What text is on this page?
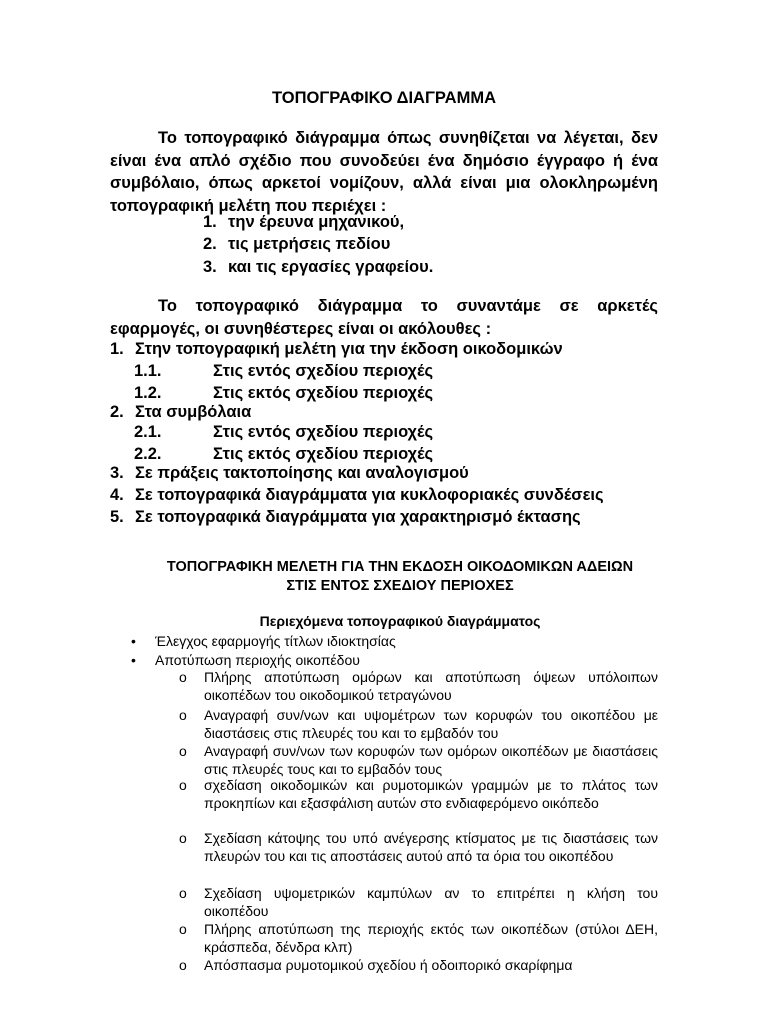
ΤΟΠΟΓΡΑΦΙΚΟ ΔΙΑΓΡΑΜΜΑ
Το τοπογραφικό διάγραμμα όπως συνηθίζεται να λέγεται, δεν είναι ένα απλό σχέδιο που συνοδεύει ένα δημόσιο έγγραφο ή ένα συμβόλαιο, όπως αρκετοί νομίζουν, αλλά είναι μια ολοκληρωμένη τοπογραφική μελέτη που περιέχει :
1. την έρευνα μηχανικού,
2. τις μετρήσεις πεδίου
3. και τις εργασίες γραφείου.
Το τοπογραφικό διάγραμμα το συναντάμε σε αρκετές εφαρμογές, οι συνηθέστερες είναι οι ακόλουθες :
1. Στην τοπογραφική μελέτη για την έκδοση οικοδομικών
1.1.	Στις εντός σχεδίου περιοχές
1.2.	Στις εκτός σχεδίου περιοχές
2. Στα συμβόλαια
2.1.	Στις εντός σχεδίου περιοχές
2.2.	Στις εκτός σχεδίου περιοχές
3. Σε πράξεις τακτοποίησης και αναλογισμού
4. Σε τοπογραφικά διαγράμματα για κυκλοφοριακές συνδέσεις
5. Σε τοπογραφικά διαγράμματα για χαρακτηρισμό έκτασης
ΤΟΠΟΓΡΑΦΙΚΗ ΜΕΛΕΤΗ ΓΙΑ ΤΗΝ ΕΚΔΟΣΗ ΟΙΚΟΔΟΜΙΚΩΝ ΑΔΕΙΩΝ
ΣΤΙΣ ΕΝΤΟΣ ΣΧΕΔΙΟΥ ΠΕΡΙΟΧΕΣ
Περιεχόμενα τοπογραφικού διαγράμματος
• Έλεγχος εφαρμογής τίτλων ιδιοκτησίας
• Αποτύπωση περιοχής οικοπέδου
o Πλήρης αποτύπωση ομόρων και αποτύπωση όψεων υπόλοιπων οικοπέδων του οικοδομικού τετραγώνου
o Αναγραφή συν/νων και υψομέτρων των κορυφών του οικοπέδου με διαστάσεις στις πλευρές του και το εμβαδόν του
o Αναγραφή συν/νων των κορυφών των ομόρων οικοπέδων με διαστάσεις στις πλευρές τους και το εμβαδόν τους
o σχεδίαση οικοδομικών και ρυμοτομικών γραμμών με το πλάτος των προκηπίων και εξασφάλιση αυτών στο ενδιαφερόμενο οικόπεδο
o Σχεδίαση κάτοψης του υπό ανέγερσης κτίσματος με τις διαστάσεις των πλευρών του και τις αποστάσεις αυτού από τα όρια του οικοπέδου
o Σχεδίαση υψομετρικών καμπύλων αν το επιτρέπει η κλήση του οικοπέδου
o Πλήρης αποτύπωση της περιοχής εκτός των οικοπέδων (στύλοι ΔΕΗ, κράσπεδα, δένδρα κλπ)
o Απόσπασμα ρυμοτομικού σχεδίου ή οδοιπορικό σκαρίφημα
